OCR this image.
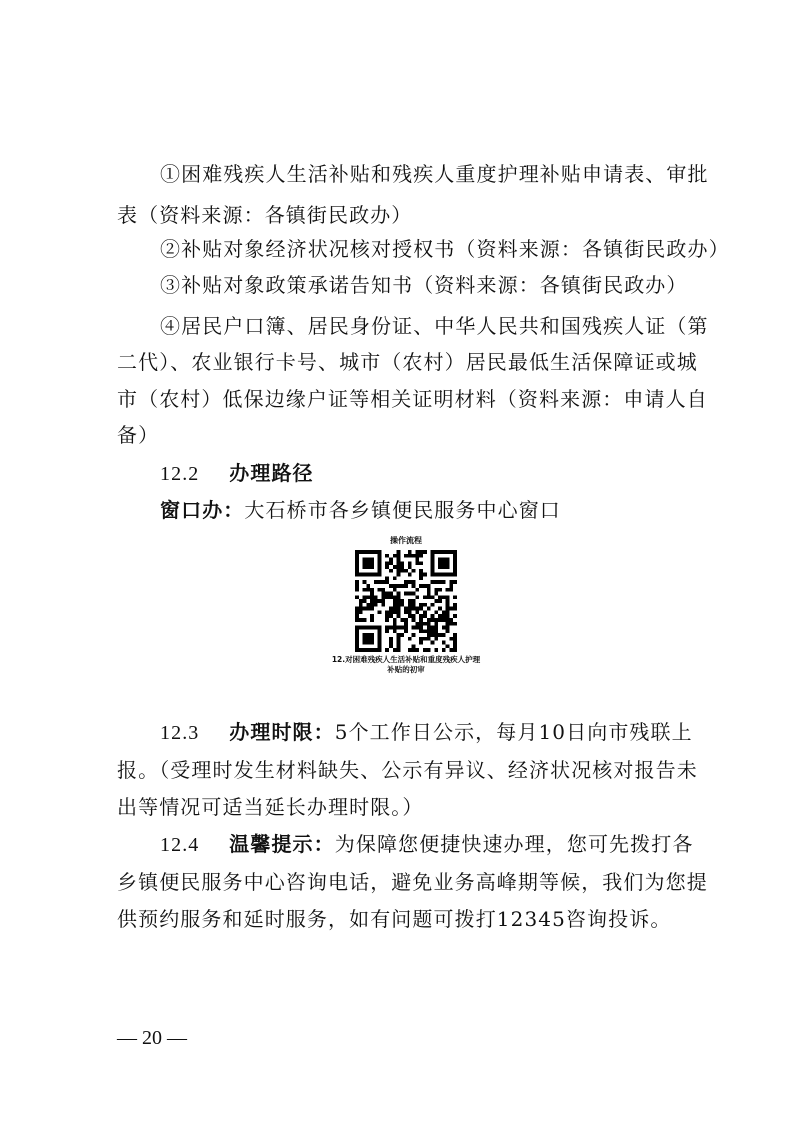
①困难残疾人生活补贴和残疾人重度护理补贴申请表、审批
表（资料来源：各镇街民政办）
②补贴对象经济状况核对授权书（资料来源：各镇街民政办）
③补贴对象政策承诺告知书（资料来源：各镇街民政办）
④居民户口簿、居民身份证、中华人民共和国残疾人证（第
二代）、农业银行卡号、城市（农村）居民最低生活保障证或城
市（农村）低保边缘户证等相关证明材料（资料来源：申请人自
备）
12.2 办理路径
窗口办：大石桥市各乡镇便民服务中心窗口
操作流程
12.对困难残疾人生活补贴和重度残疾人护理
补贴的初审
12.3 办理时限：5个工作日公示，每月10日向市残联上
报。（受理时发生材料缺失、公示有异议、经济状况核对报告未
出等情况可适当延长办理时限。）
12.4 温馨提示：为保障您便捷快速办理，您可先拨打各
乡镇便民服务中心咨询电话，避免业务高峰期等候，我们为您提
供预约服务和延时服务，如有问题可拨打12345咨询投诉。
— 20 —
